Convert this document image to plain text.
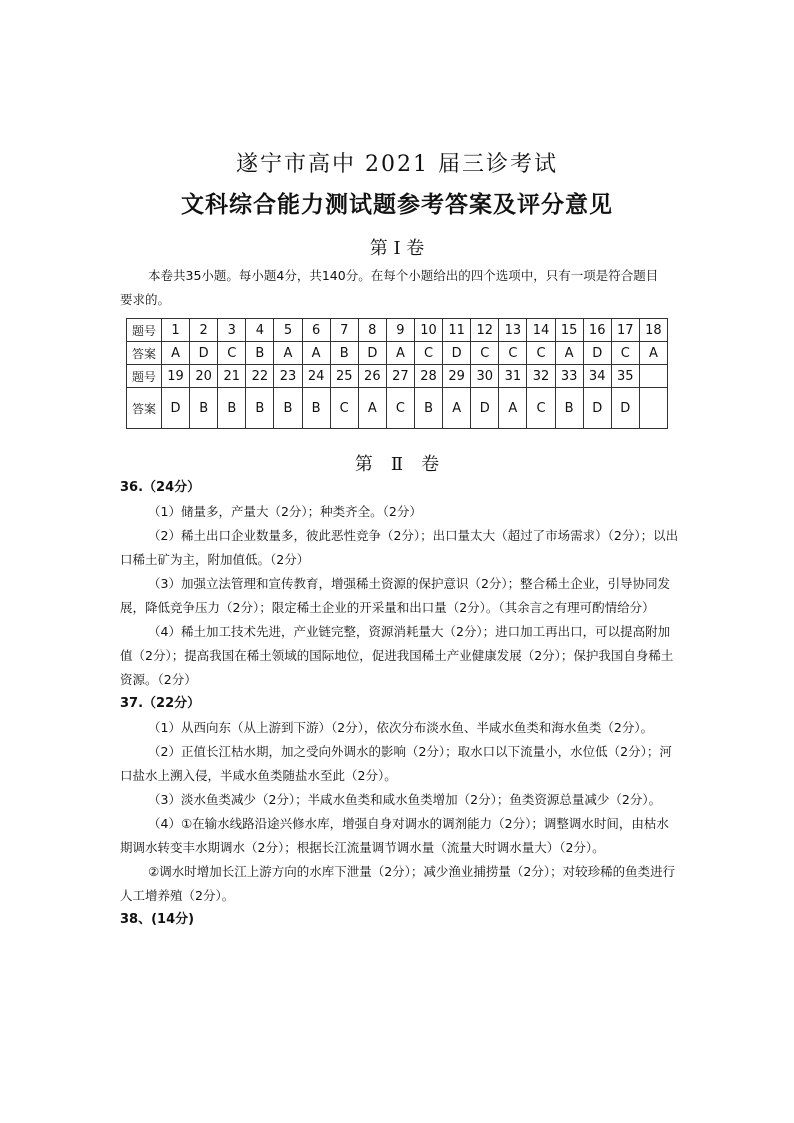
遂宁市高中 2021 届三诊考试
文科综合能力测试题参考答案及评分意见
第 Ⅰ 卷
本卷共35小题。每小题4分，共140分。在每个小题给出的四个选项中，只有一项是符合题目
要求的。
题号	1	2	3	4	5	6	7	8	9	10	11	12	13	14	15	16	17	18
答案	A	D	C	B	A	A	B	D	A	C	D	C	C	C	A	D	C	A
题号	19	20	21	22	23	24	25	26	27	28	29	30	31	32	33	34	35	
答案	D	B	B	B	B	B	C	A	C	B	A	D	A	C	B	D	D	
第　Ⅱ　卷
36.（24分）
（1）储量多，产量大（2分）；种类齐全。（2分）
（2）稀土出口企业数量多，彼此恶性竞争（2分）；出口量太大（超过了市场需求）（2分）；以出口稀土矿为主，附加值低。（2分）
（3）加强立法管理和宣传教育，增强稀土资源的保护意识（2分）；整合稀土企业，引导协同发展，降低竞争压力（2分）；限定稀土企业的开采量和出口量（2分）。（其余言之有理可酌情给分）
（4）稀土加工技术先进，产业链完整，资源消耗量大（2分）；进口加工再出口，可以提高附加值（2分）；提高我国在稀土领域的国际地位，促进我国稀土产业健康发展（2分）；保护我国自身稀土资源。（2分）
37.（22分）
（1）从西向东（从上游到下游）（2分），依次分布淡水鱼、半咸水鱼类和海水鱼类（2分）。
（2）正值长江枯水期，加之受向外调水的影响（2分）；取水口以下流量小，水位低（2分）；河口盐水上溯入侵，半咸水鱼类随盐水至此（2分）。
（3）淡水鱼类减少（2分）；半咸水鱼类和咸水鱼类增加（2分）；鱼类资源总量减少（2分）。
（4）①在输水线路沿途兴修水库，增强自身对调水的调剂能力（2分）；调整调水时间，由枯水期调水转变丰水期调水（2分）；根据长江流量调节调水量（流量大时调水量大）（2分）。
②调水时增加长江上游方向的水库下泄量（2分）；减少渔业捕捞量（2分）；对较珍稀的鱼类进行人工增养殖（2分）。
38、(14分)
